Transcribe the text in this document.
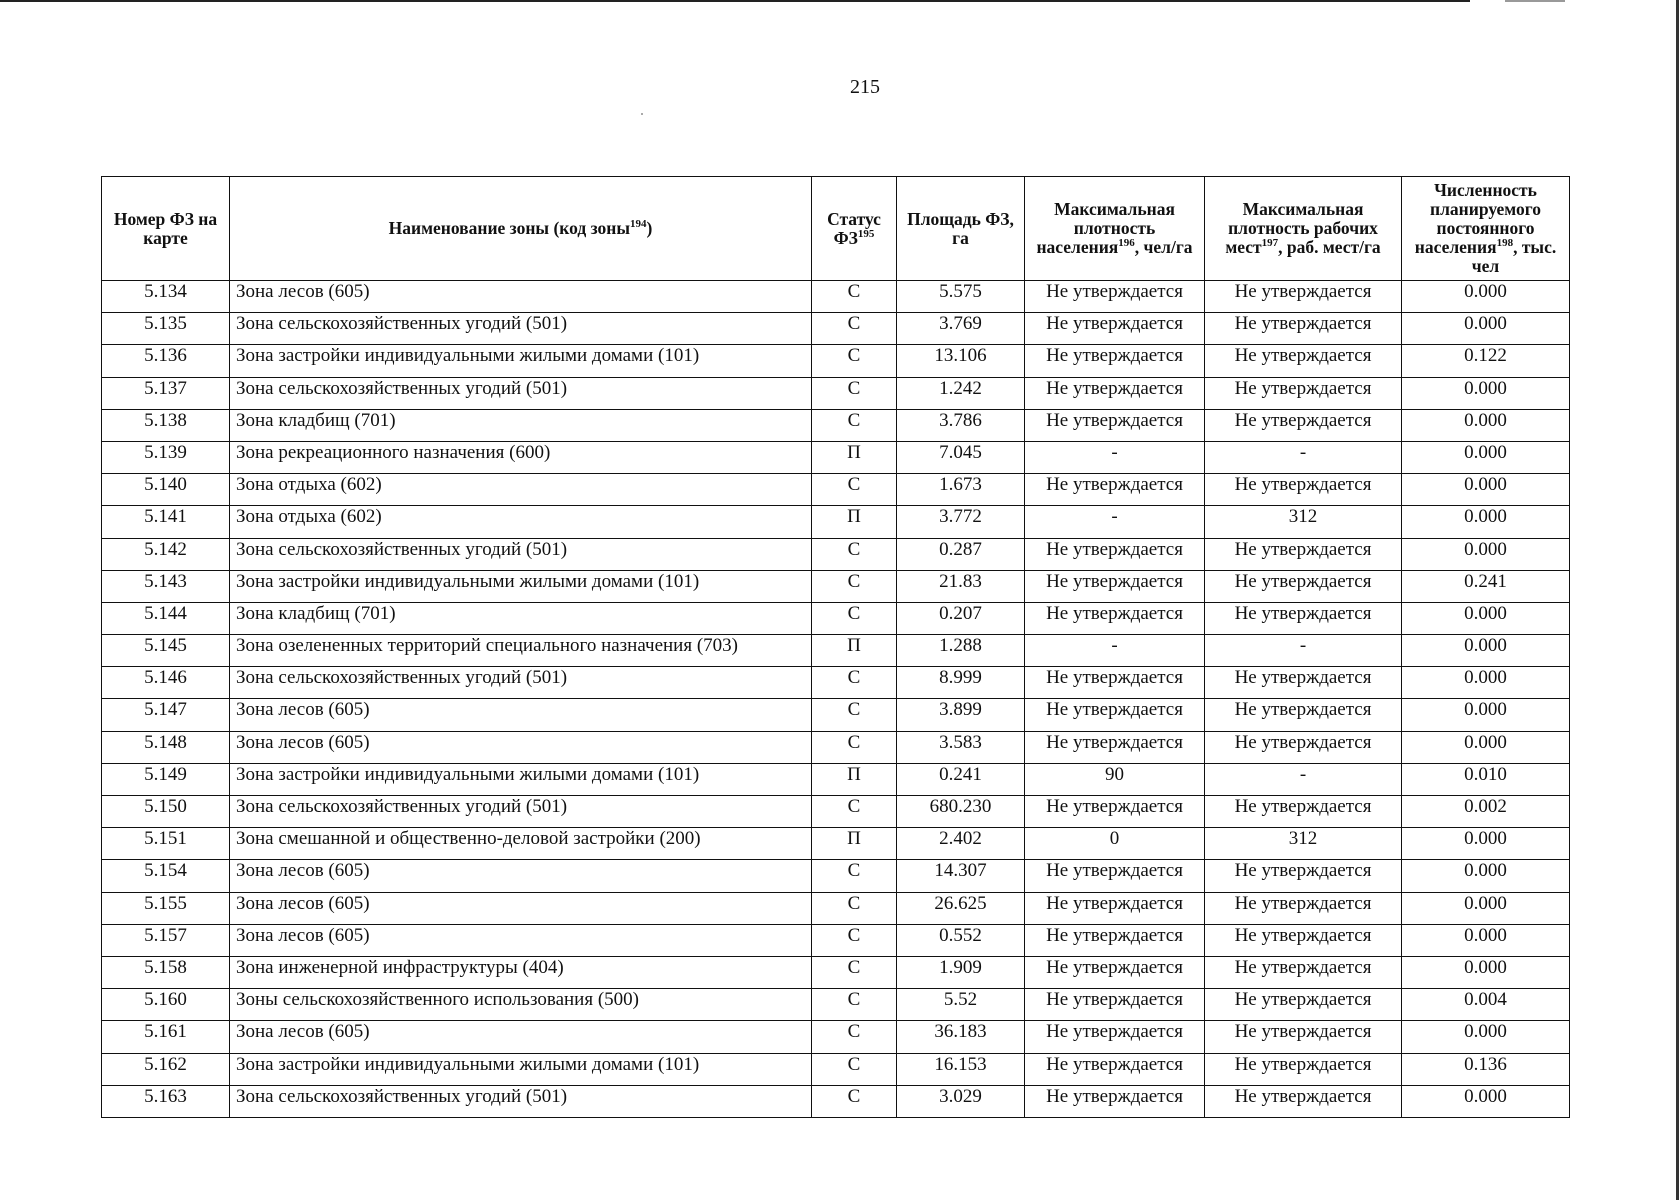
215
Номер ФЗ на карте	Наименование зоны (код зоны$^{194}$)	Статус ФЗ$^{195}$	Площадь ФЗ, га	Максимальная плотность населения$^{196}$, чел/га	Максимальная плотность рабочих мест$^{197}$, раб. мест/га	Численность планируемого постоянного населения$^{198}$, тыс. чел
5.134	Зона лесов (605)	С	5.575	Не утверждается	Не утверждается	0.000
5.135	Зона сельскохозяйственных угодий (501)	С	3.769	Не утверждается	Не утверждается	0.000
5.136	Зона застройки индивидуальными жилыми домами (101)	С	13.106	Не утверждается	Не утверждается	0.122
5.137	Зона сельскохозяйственных угодий (501)	С	1.242	Не утверждается	Не утверждается	0.000
5.138	Зона кладбищ (701)	С	3.786	Не утверждается	Не утверждается	0.000
5.139	Зона рекреационного назначения (600)	П	7.045	-	-	0.000
5.140	Зона отдыха (602)	С	1.673	Не утверждается	Не утверждается	0.000
5.141	Зона отдыха (602)	П	3.772	-	312	0.000
5.142	Зона сельскохозяйственных угодий (501)	С	0.287	Не утверждается	Не утверждается	0.000
5.143	Зона застройки индивидуальными жилыми домами (101)	С	21.83	Не утверждается	Не утверждается	0.241
5.144	Зона кладбищ (701)	С	0.207	Не утверждается	Не утверждается	0.000
5.145	Зона озелененных территорий специального назначения (703)	П	1.288	-	-	0.000
5.146	Зона сельскохозяйственных угодий (501)	С	8.999	Не утверждается	Не утверждается	0.000
5.147	Зона лесов (605)	С	3.899	Не утверждается	Не утверждается	0.000
5.148	Зона лесов (605)	С	3.583	Не утверждается	Не утверждается	0.000
5.149	Зона застройки индивидуальными жилыми домами (101)	П	0.241	90	-	0.010
5.150	Зона сельскохозяйственных угодий (501)	С	680.230	Не утверждается	Не утверждается	0.002
5.151	Зона смешанной и общественно-деловой застройки (200)	П	2.402	0	312	0.000
5.154	Зона лесов (605)	С	14.307	Не утверждается	Не утверждается	0.000
5.155	Зона лесов (605)	С	26.625	Не утверждается	Не утверждается	0.000
5.157	Зона лесов (605)	С	0.552	Не утверждается	Не утверждается	0.000
5.158	Зона инженерной инфраструктуры (404)	С	1.909	Не утверждается	Не утверждается	0.000
5.160	Зоны сельскохозяйственного использования (500)	С	5.52	Не утверждается	Не утверждается	0.004
5.161	Зона лесов (605)	С	36.183	Не утверждается	Не утверждается	0.000
5.162	Зона застройки индивидуальными жилыми домами (101)	С	16.153	Не утверждается	Не утверждается	0.136
5.163	Зона сельскохозяйственных угодий (501)	С	3.029	Не утверждается	Не утверждается	0.000
